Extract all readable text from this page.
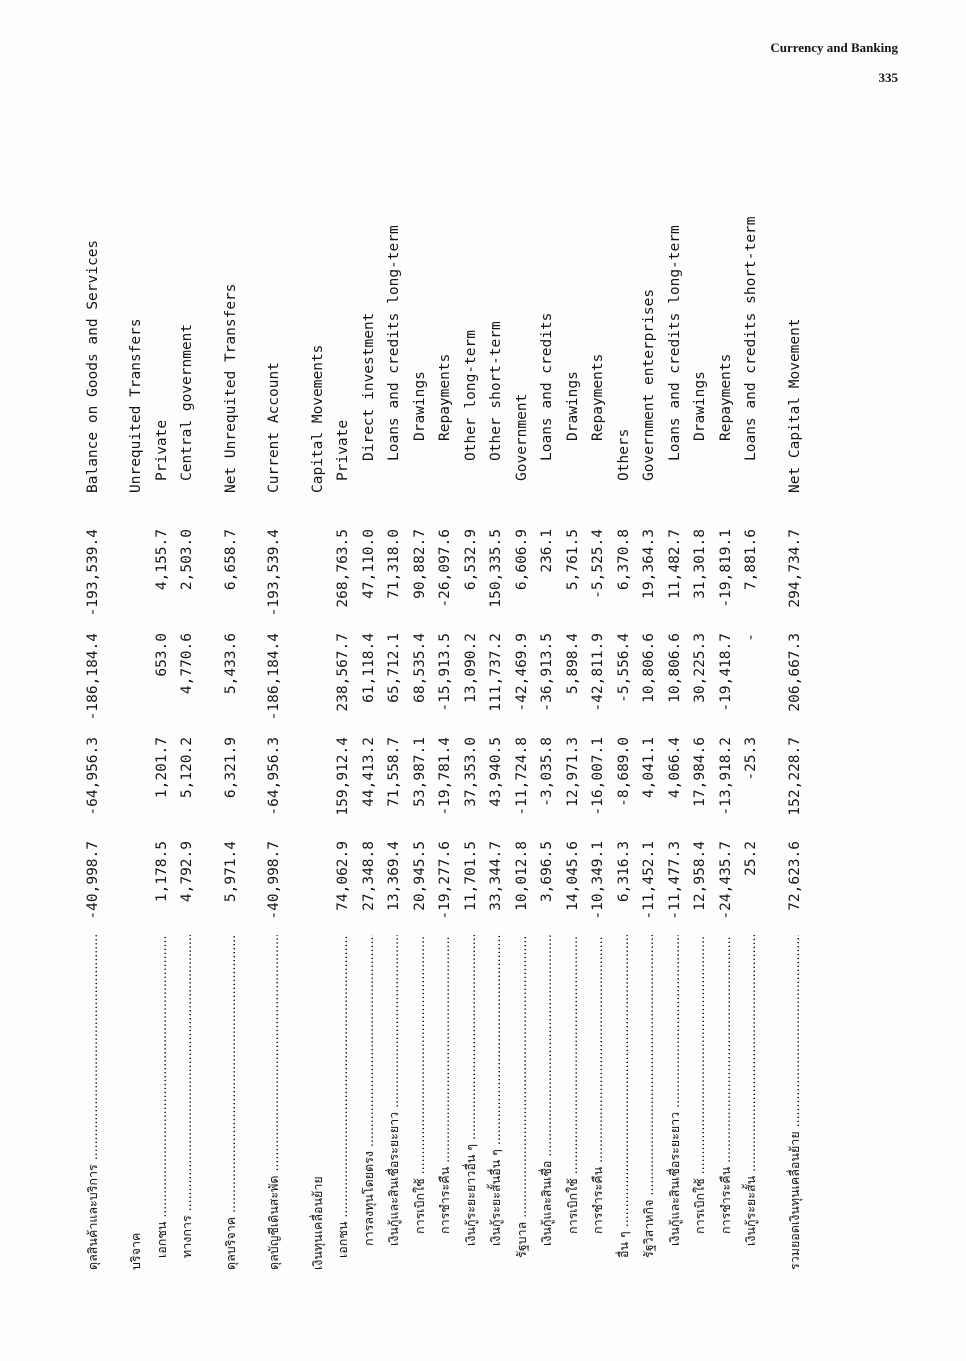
Currency and Banking
335
ดุลสินค้าและบริการ .....	-40,998.7	-64,956.3	-186,184.4	-193,539.4	Balance on Goods and Services

บริจาค					Unrequited Transfers
เอกชน .....	1,178.5	1,201.7	653.0	4,155.7	Private
ทางการ .....	4,792.9	5,120.2	4,770.6	2,503.0	Central government

ดุลบริจาค .....	5,971.4	6,321.9	5,433.6	6,658.7	Net Unrequited Transfers

ดุลบัญชีเดินสะพัด .....	-40,998.7	-64,956.3	-186,184.4	-193,539.4	Current Account

เงินทุนเคลื่อนย้าย					Capital Movements
เอกชน .....	74,062.9	159,912.4	238,567.7	268,763.5	Private
การลงทุนโดยตรง .....	27,348.8	44,413.2	61,118.4	47,110.0	Direct investment
เงินกู้และสินเชื่อระยะยาว .....	13,369.4	71,558.7	65,712.1	71,318.0	Loans and credits long-term
การเบิกใช้ .....	20,945.5	53,987.1	68,535.4	90,882.7	Drawings
การชำระคืน .....	-19,277.6	-19,781.4	-15,913.5	-26,097.6	Repayments
เงินกู้ระยะยาวอื่น ๆ .....	11,701.5	37,353.0	13,090.2	6,532.9	Other long-term
เงินกู้ระยะสั้นอื่น ๆ .....	33,344.7	43,940.5	111,737.2	150,335.5	Other short-term
รัฐบาล .....	10,012.8	-11,724.8	-42,469.9	6,606.9	Government
เงินกู้และสินเชื่อ .....	3,696.5	-3,035.8	-36,913.5	236.1	Loans and credits
การเบิกใช้ .....	14,045.6	12,971.3	5,898.4	5,761.5	Drawings
การชำระคืน .....	-10,349.1	-16,007.1	-42,811.9	-5,525.4	Repayments
อื่น ๆ .....	6,316.3	-8,689.0	-5,556.4	6,370.8	Others
รัฐวิสาหกิจ .....	-11,452.1	4,041.1	10,806.6	19,364.3	Government enterprises
เงินกู้และสินเชื่อระยะยาว .....	-11,477.3	4,066.4	10,806.6	11,482.7	Loans and credits long-term
การเบิกใช้ .....	12,958.4	17,984.6	30,225.3	31,301.8	Drawings
การชำระคืน .....	-24,435.7	-13,918.2	-19,418.7	-19,819.1	Repayments
เงินกู้ระยะสั้น .....	25.2	-25.3	-	7,881.6	Loans and credits short-term

รวมยอดเงินทุนเคลื่อนย้าย .....	72,623.6	152,228.7	206,667.3	294,734.7	Net Capital Movement
